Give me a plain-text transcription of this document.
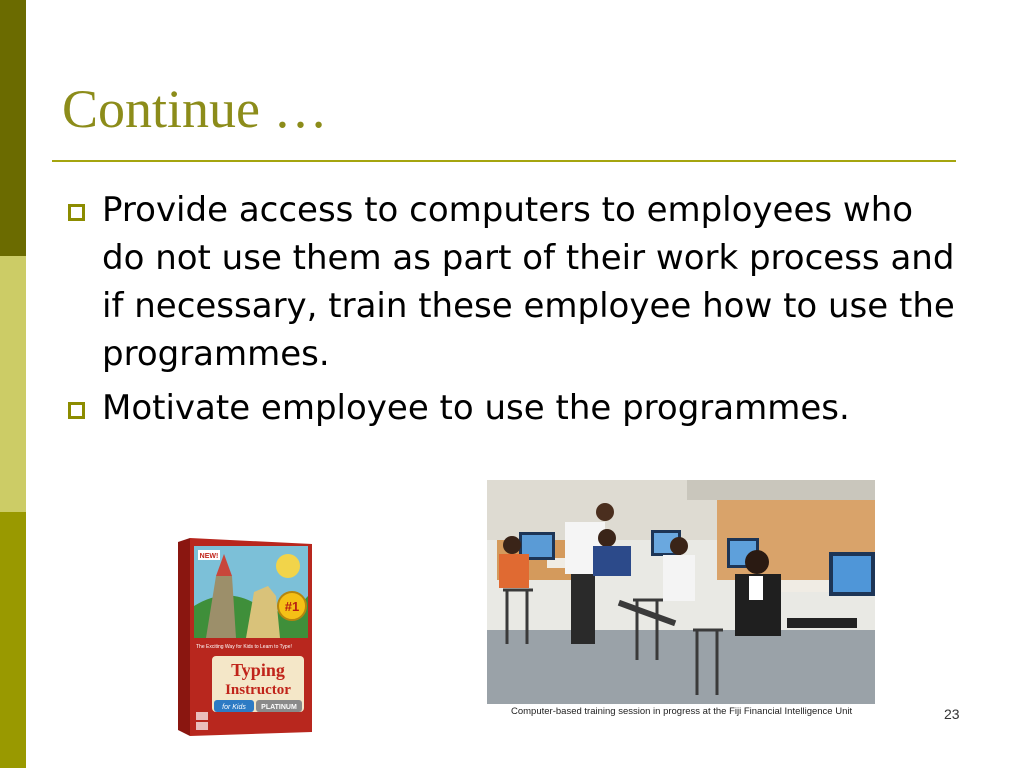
Continue …
Provide access to computers to employees who do not use them as part of their work process and if necessary, train these employee how to use the programmes.
Motivate employee to use the programmes.
#1
NEW!
The Exciting Way for Kids to Learn to Type!
Typing
Instructor
for Kids PLATINUM	Computer-based training session in progress at the Fiji Financial Intelligence Unit	23
